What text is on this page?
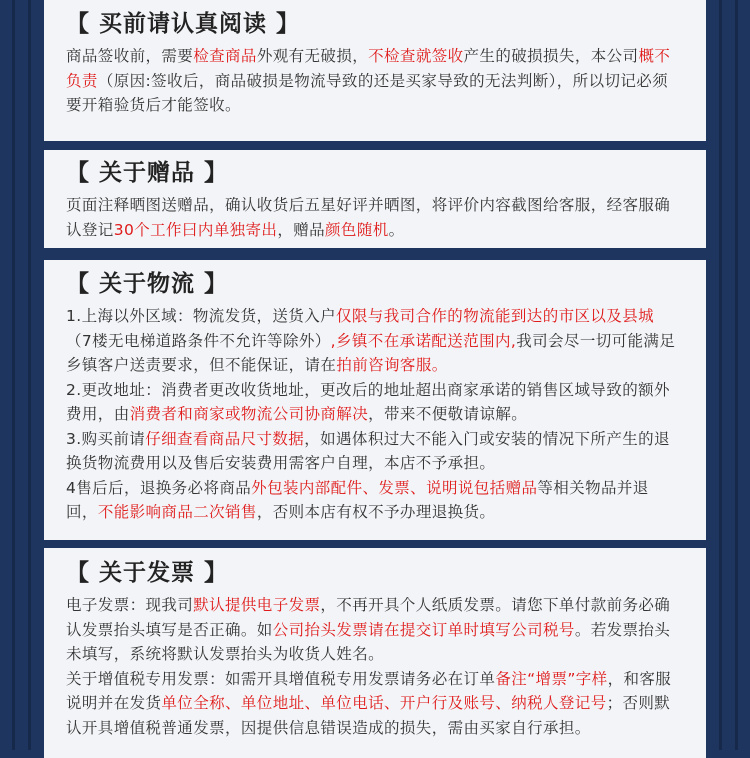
【 买前请认真阅读 】

商品签收前，需要检查商品外观有无破损，不检查就签收产生的破损损失，本公司概不负责（原因:签收后，商品破损是物流导致的还是买家导致的无法判断），所以切记必须要开箱验货后才能签收。

【 关于赠品 】

页面注释晒图送赠品，确认收货后五星好评并晒图，将评价内容截图给客服，经客服确认登记30个工作曰内单独寄出，赠品颜色随机。

【 关于物流 】

1.上海以外区域：物流发货，送货入户仅限与我司合作的物流能到达的市区以及县城（7楼无电梯道路条件不允许等除外）,乡镇不在承诺配送范围内,我司会尽一切可能满足乡镇客户送责要求，但不能保证，请在拍前咨询客服。

2.更改地址：消费者更改收货地址，更改后的地址超出商家承诺的销售区域导致的额外费用，由消费者和商家或物流公司协商解决，带来不便敬请谅解。

3.购买前请仔细查看商品尺寸数据，如遇体积过大不能入门或安装的情况下所产生的退换货物流费用以及售后安装费用需客户自理，本店不予承担。

4售后后，退换务必将商品外包装内部配件、发票、说明说包括赠品等相关物品并退回，不能影响商品二次销售，否则本店有权不予办理退换货。

【 关于发票 】

电子发票：现我司默认提供电子发票，不再开具个人纸质发票。请您下单付款前务必确认发票抬头填写是否正确。如公司抬头发票请在提交订单时填写公司税号。若发票抬头未填写，系统将默认发票抬头为收货人姓名。

关于增值税专用发票：如需开具增值税专用发票请务必在订单备注“增票”字样，和客服说明并在发货单位全称、单位地址、单位电话、开户行及账号、纳税人登记号；否则默认开具增值税普通发票，因提供信息错误造成的损失，需由买家自行承担。
